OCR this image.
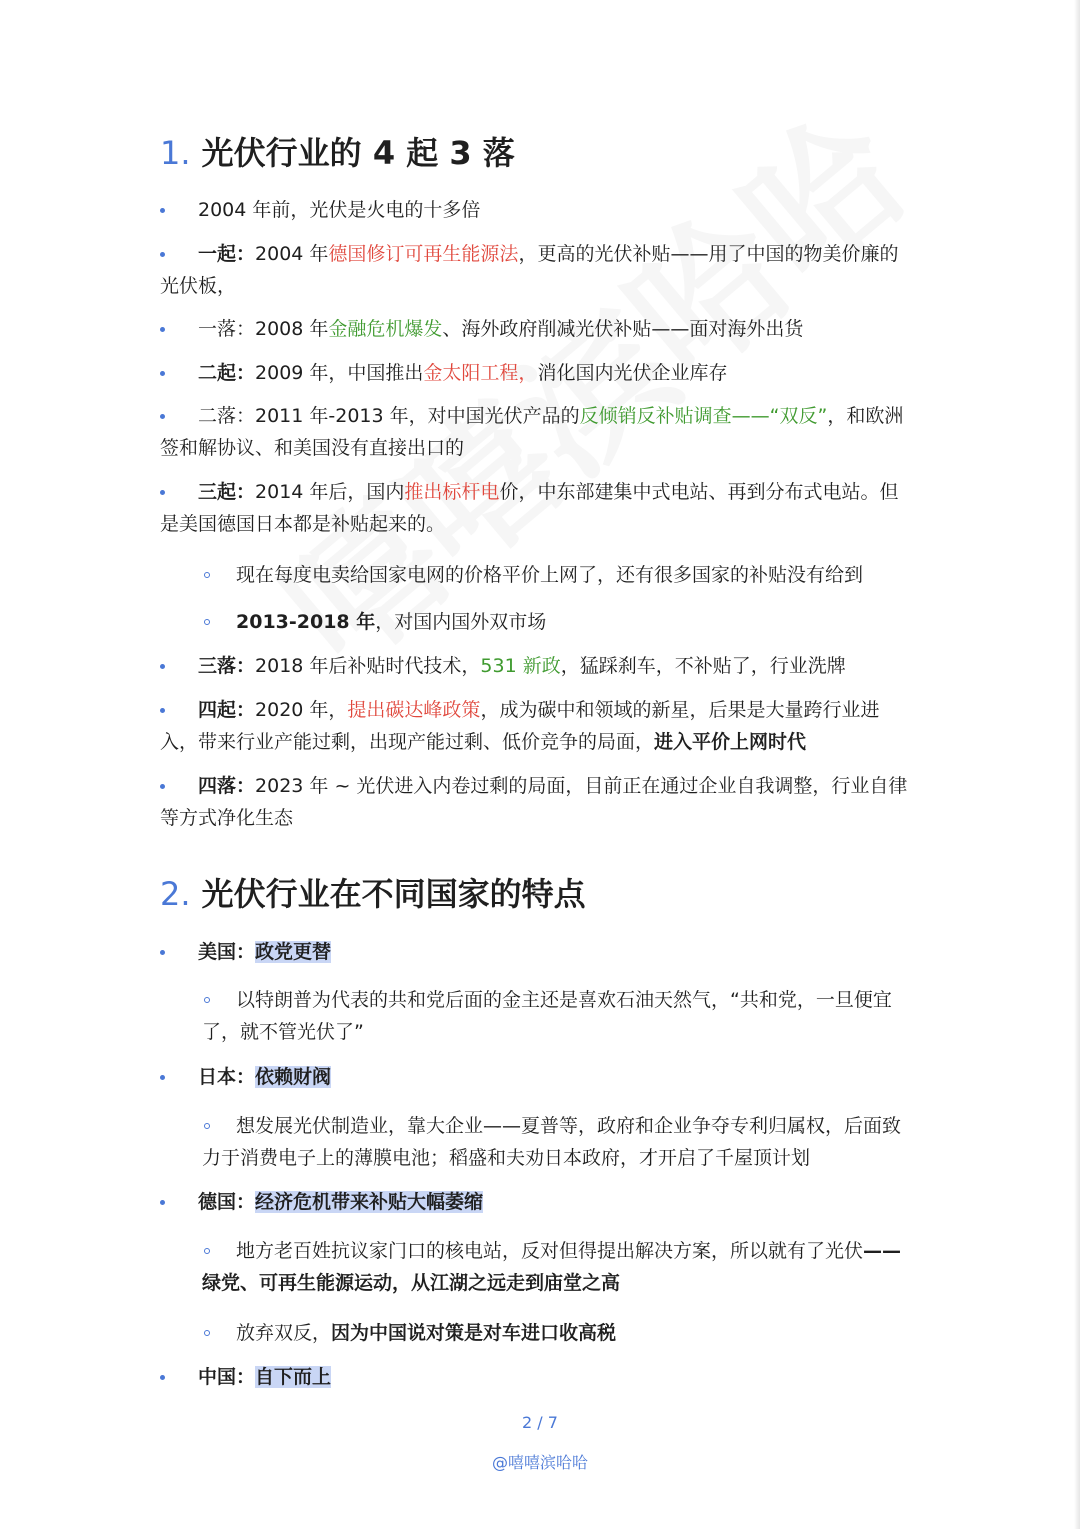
1. 光伏行业的 4 起 3 落
2004 年前，光伏是火电的十多倍
一起：2004 年德国修订可再生能源法，更高的光伏补贴——用了中国的物美价廉的光伏板，
一落：2008 年金融危机爆发、海外政府削减光伏补贴——面对海外出货
二起：2009 年，中国推出金太阳工程，消化国内光伏企业库存
二落：2011 年-2013 年，对中国光伏产品的反倾销反补贴调查——“双反”，和欧洲签和解协议、和美国没有直接出口的
三起：2014 年后，国内推出标杆电价，中东部建集中式电站、再到分布式电站。但是美国德国日本都是补贴起来的。
现在每度电卖给国家电网的价格平价上网了，还有很多国家的补贴没有给到
2013-2018 年，对国内国外双市场
三落：2018 年后补贴时代技术，531 新政，猛踩刹车，不补贴了，行业洗牌
四起：2020 年，提出碳达峰政策，成为碳中和领域的新星，后果是大量跨行业进入，带来行业产能过剩，出现产能过剩、低价竞争的局面，进入平价上网时代
四落：2023 年 ~ 光伏进入内卷过剩的局面，目前正在通过企业自我调整，行业自律等方式净化生态
2. 光伏行业在不同国家的特点
美国：政党更替
以特朗普为代表的共和党后面的金主还是喜欢石油天然气，“共和党，一旦便宜了，就不管光伏了”
日本：依赖财阀
想发展光伏制造业，靠大企业——夏普等，政府和企业争夺专利归属权，后面致力于消费电子上的薄膜电池；稻盛和夫劝日本政府，才开启了千屋顶计划
德国：经济危机带来补贴大幅萎缩
地方老百姓抗议家门口的核电站，反对但得提出解决方案，所以就有了光伏——绿党、可再生能源运动，从江湖之远走到庙堂之高
放弃双反，因为中国说对策是对车进口收高税
中国：自下而上
2 / 7
@嘻嘻滨哈哈
